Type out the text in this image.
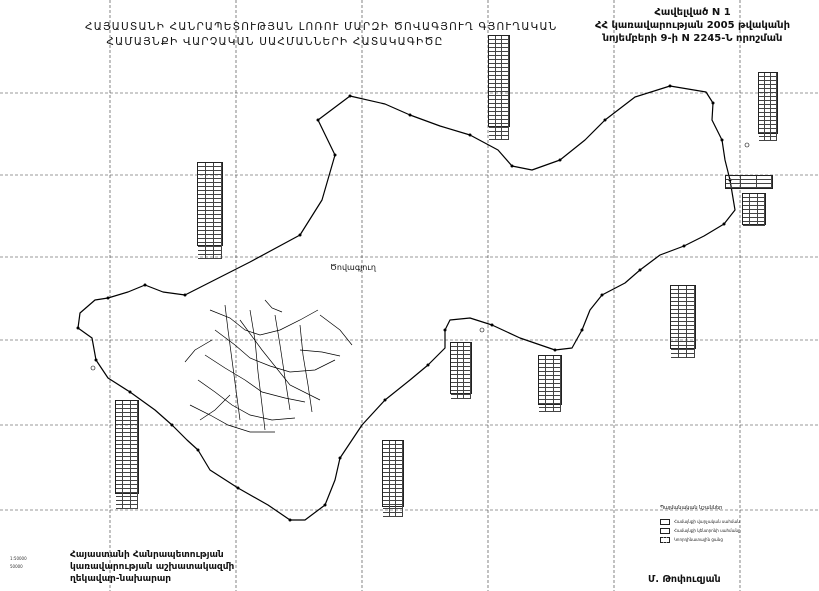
ՀԱՅԱՍՏԱՆԻ ՀԱՆՐԱՊԵՏՈՒԹՅԱՆ ԼՈՌՈՒ ՄԱՐԶԻ ԾՈՎԱԳՅՈՒՂ ԳՅՈՒՂԱԿԱՆ
ՀԱՄԱՅՆՔԻ ՎԱՐՉԱԿԱՆ ՍԱՀՄԱՆՆԵՐԻ ՀԱՏԱԿԱԳԻԾԸ
Հավելված N 1
ՀՀ կառավարության 2005 թվականի
նոյեմբերի 9-ի N 2245-Ն որոշման
Ծովագյուղ
Հայաստանի Հանրապետության
կառավարության աշխատակազմի
ղեկավար-նախարար	Մ. Թոփուզյան
1:50000
50000
Պայմանական նշաններ
Համայնքի վարչական սահման
Համայնքի կենտրոնի սահմանը
Կոորդինատային ցանց
